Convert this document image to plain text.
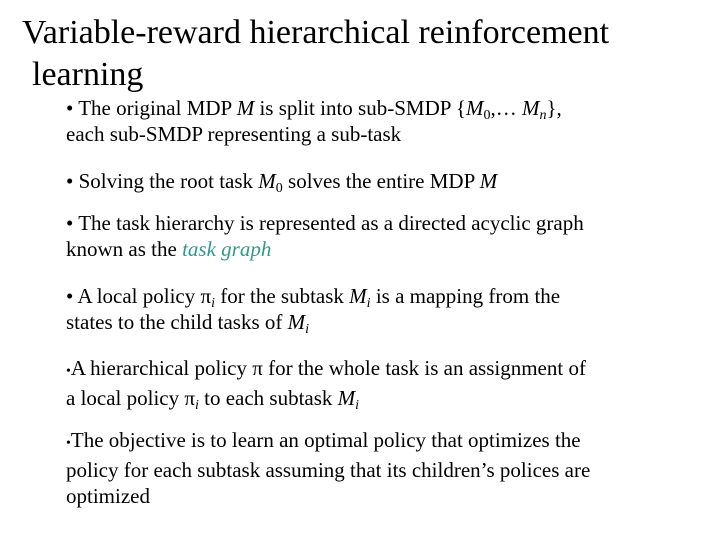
Variable-reward hierarchical reinforcement
learning
• The original MDP M is split into sub-SMDP {$M_0,\dots$ $M_n$},
each sub-SMDP representing a sub-task
• Solving the root task $M_0$ solves the entire MDP M
• The task hierarchy is represented as a directed acyclic graph
known as the task graph
• A local policy $\pi_i$ for the subtask $M_i$ is a mapping from the
states to the child tasks of $M_i$
•A hierarchical policy π for the whole task is an assignment of
a local policy $\pi_i$ to each subtask $M_i$
•The objective is to learn an optimal policy that optimizes the
policy for each subtask assuming that its children’s polices are
optimized
